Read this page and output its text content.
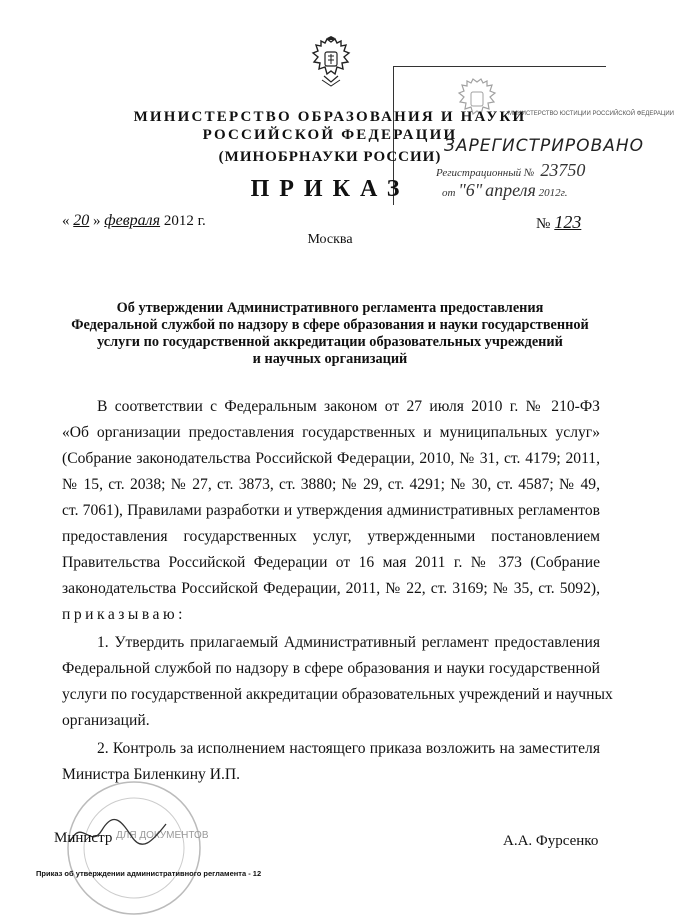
МИНИСТЕРСТВО ЮСТИЦИИ РОССИЙСКОЙ ФЕДЕРАЦИИ
ЗАРЕГИСТРИРОВАНО
Регистрационный № 23750
от "6" апреля 2012г.
МИНИСТЕРСТВО ОБРАЗОВАНИЯ И НАУКИ
РОССИЙСКОЙ ФЕДЕРАЦИИ
(МИНОБРНАУКИ РОССИИ)
ПРИКАЗ
« 20 » февраля 2012 г.	№ 123
Москва
Об утверждении Административного регламента предоставления
Федеральной службой по надзору в сфере образования и науки государственной
услуги по государственной аккредитации образовательных учреждений
и научных организаций
В соответствии с Федеральным законом от 27 июля 2010 г. № 210-ФЗ
«Об организации предоставления государственных и муниципальных услуг»
(Собрание законодательства Российской Федерации, 2010, № 31, ст. 4179; 2011,
№ 15, ст. 2038; № 27, ст. 3873, ст. 3880; № 29, ст. 4291; № 30, ст. 4587; № 49,
ст. 7061), Правилами разработки и утверждения административных регламентов
предоставления государственных услуг, утвержденными постановлением
Правительства Российской Федерации от 16 мая 2011 г. № 373 (Собрание
законодательства Российской Федерации, 2011, № 22, ст. 3169; № 35, ст. 5092),
приказываю:
1. Утвердить прилагаемый Административный регламент предоставления
Федеральной службой по надзору в сфере образования и науки государственной
услуги по государственной аккредитации образовательных учреждений и научных
организаций.
2. Контроль за исполнением настоящего приказа возложить на заместителя
Министра Биленкину И.П.
ДЛЯ ДОКУМЕНТОВ
Министр	А.А. Фурсенко
Приказ об утверждении административного регламента - 12
